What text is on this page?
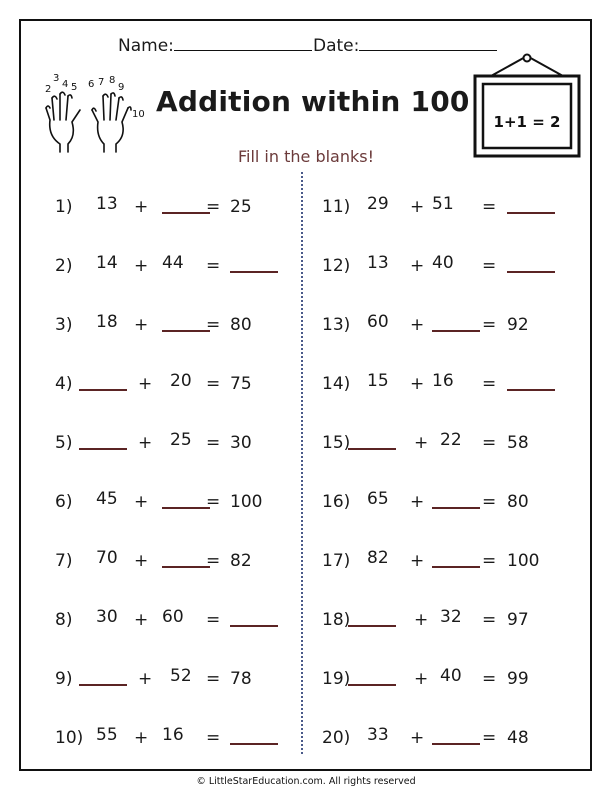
Name:	Date:
2
3
4 5 6 7 8
9
10 Addition within 100
1+1 = 2
Fill in the blanks!
1) 13 +	= 25
2) 14 + 44 =
3) 18 +	= 80
4)	+ 20 = 75
5)	+ 25 = 30
6) 45 +	= 100
7) 70 +	= 82
8) 30 + 60 =
9)	+ 52 = 78
10) 55 + 16 =
11) 29 + 51 =
12) 13 + 40 =
13) 60 +	= 92
14) 15 + 16 =
15)	+ 22 = 58
16) 65 +	= 80
17) 82 +	= 100
18)	+ 32 = 97
19)	+ 40 = 99
20) 33 +	= 48
© LittleStarEducation.com. All rights reserved
